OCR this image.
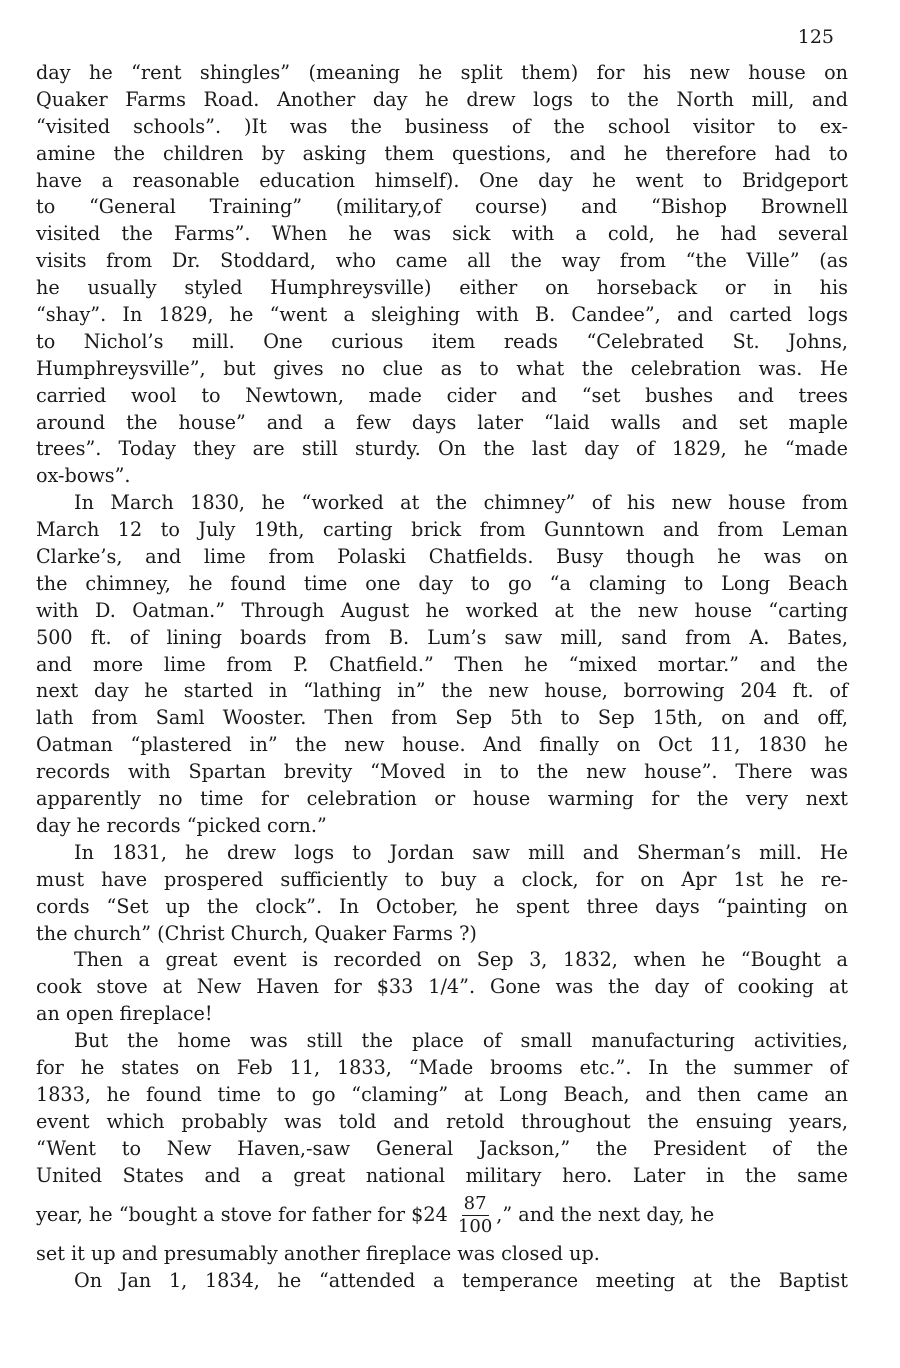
125
day he “rent shingles” (meaning he split them) for his new house on
Quaker Farms Road. Another day he drew logs to the North mill, and
“visited schools”. )It was the business of the school visitor to ex-
amine the children by asking them questions, and he therefore had to
have a reasonable education himself). One day he went to Bridgeport
to “General Training” (military,of course) and “Bishop Brownell
visited the Farms”. When he was sick with a cold, he had several
visits from Dr. Stoddard, who came all the way from “the Ville” (as
he usually styled Humphreysville) either on horseback or in his
“shay”. In 1829, he “went a sleighing with B. Candee”, and carted logs
to Nichol’s mill. One curious item reads “Celebrated St. Johns,
Humphreysville”, but gives no clue as to what the celebration was. He
carried wool to Newtown, made cider and “set bushes and trees
around the house” and a few days later “laid walls and set maple
trees”. Today they are still sturdy. On the last day of 1829, he “made
ox-bows”.
In March 1830, he “worked at the chimney” of his new house from
March 12 to July 19th, carting brick from Gunntown and from Leman
Clarke’s, and lime from Polaski Chatfields. Busy though he was on
the chimney, he found time one day to go “a claming to Long Beach
with D. Oatman.” Through August he worked at the new house “carting
500 ft. of lining boards from B. Lum’s saw mill, sand from A. Bates,
and more lime from P. Chatfield.” Then he “mixed mortar.” and the
next day he started in “lathing in” the new house, borrowing 204 ft. of
lath from Saml Wooster. Then from Sep 5th to Sep 15th, on and off,
Oatman “plastered in” the new house. And finally on Oct 11, 1830 he
records with Spartan brevity “Moved in to the new house”. There was
apparently no time for celebration or house warming for the very next
day he records “picked corn.”
In 1831, he drew logs to Jordan saw mill and Sherman’s mill. He
must have prospered sufficiently to buy a clock, for on Apr 1st he re-
cords “Set up the clock”. In October, he spent three days “painting on
the church” (Christ Church, Quaker Farms ?)
Then a great event is recorded on Sep 3, 1832, when he “Bought a
cook stove at New Haven for $33 1/4”. Gone was the day of cooking at
an open fireplace!
But the home was still the place of small manufacturing activities,
for he states on Feb 11, 1833, “Made brooms etc.”. In the summer of
1833, he found time to go “claming” at Long Beach, and then came an
event which probably was told and retold throughout the ensuing years,
“Went to New Haven,-saw General Jackson,” the President of the
United States and a great national military hero. Later in the same
year, he “bought a stove for father for $24 $\frac{87}{100}$ ,” and the next day, he
set it up and presumably another fireplace was closed up.
On Jan 1, 1834, he “attended a temperance meeting at the Baptist
